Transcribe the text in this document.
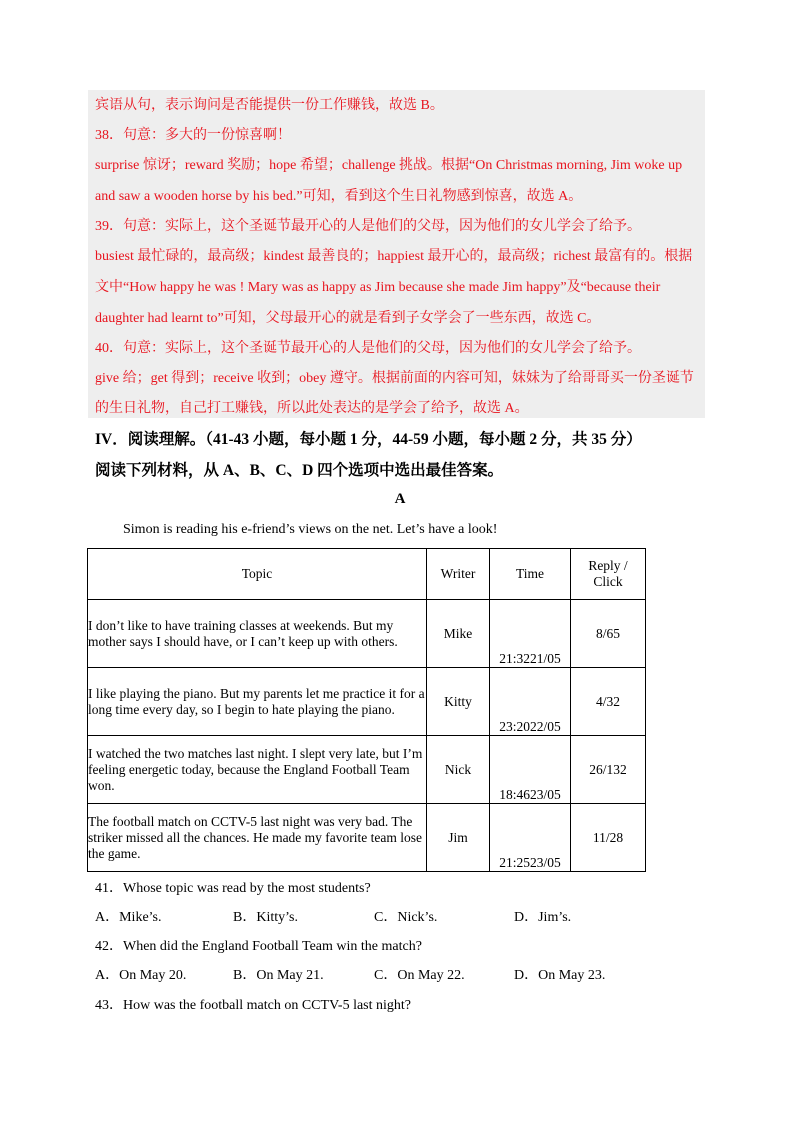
宾语从句，表示询问是否能提供一份工作赚钱，故选 B。

38．句意：多大的一份惊喜啊！

surprise 惊讶；reward 奖励；hope 希望；challenge 挑战。根据“On Christmas morning, Jim woke up

and saw a wooden horse by his bed.”可知，看到这个生日礼物感到惊喜，故选 A。

39．句意：实际上，这个圣诞节最开心的人是他们的父母，因为他们的女儿学会了给予。

busiest 最忙碌的，最高级；kindest 最善良的；happiest 最开心的，最高级；richest 最富有的。根据

文中“How happy he was ! Mary was as happy as Jim because she made Jim happy”及“because their

daughter had learnt to”可知，父母最开心的就是看到子女学会了一些东西，故选 C。

40．句意：实际上，这个圣诞节最开心的人是他们的父母，因为他们的女儿学会了给予。

give 给；get 得到；receive 收到；obey 遵守。根据前面的内容可知，妹妹为了给哥哥买一份圣诞节

的生日礼物，自己打工赚钱，所以此处表达的是学会了给予，故选 A。

IV．阅读理解。（41-43 小题，每小题 1 分，44-59 小题，每小题 2 分，共 35 分）

阅读下列材料，从 A、B、C、D 四个选项中选出最佳答案。

A

Simon is reading his e-friend’s views on the net. Let’s have a look!

Topic	Writer	Time	Reply /
Click
I don’t like to have training classes at weekends. But my mother says I should have, or I can’t keep up with others.	Mike	21:3221/05	8/65
I like playing the piano. But my parents let me practice it for a long time every day, so I begin to hate playing the piano.	Kitty	23:2022/05	4/32
I watched the two matches last night. I slept very late, but I’m feeling energetic today, because the England Football Team won.	Nick	18:4623/05	26/132
The football match on CCTV-5 last night was very bad. The striker missed all the chances. He made my favorite team lose the game.	Jim	21:2523/05	11/28

41．Whose topic was read by the most students?

A．Mike’s.	B．Kitty’s.	C．Nick’s.	D．Jim’s.

42．When did the England Football Team win the match?

A．On May 20.	B．On May 21.	C．On May 22.	D．On May 23.

43．How was the football match on CCTV-5 last night?
